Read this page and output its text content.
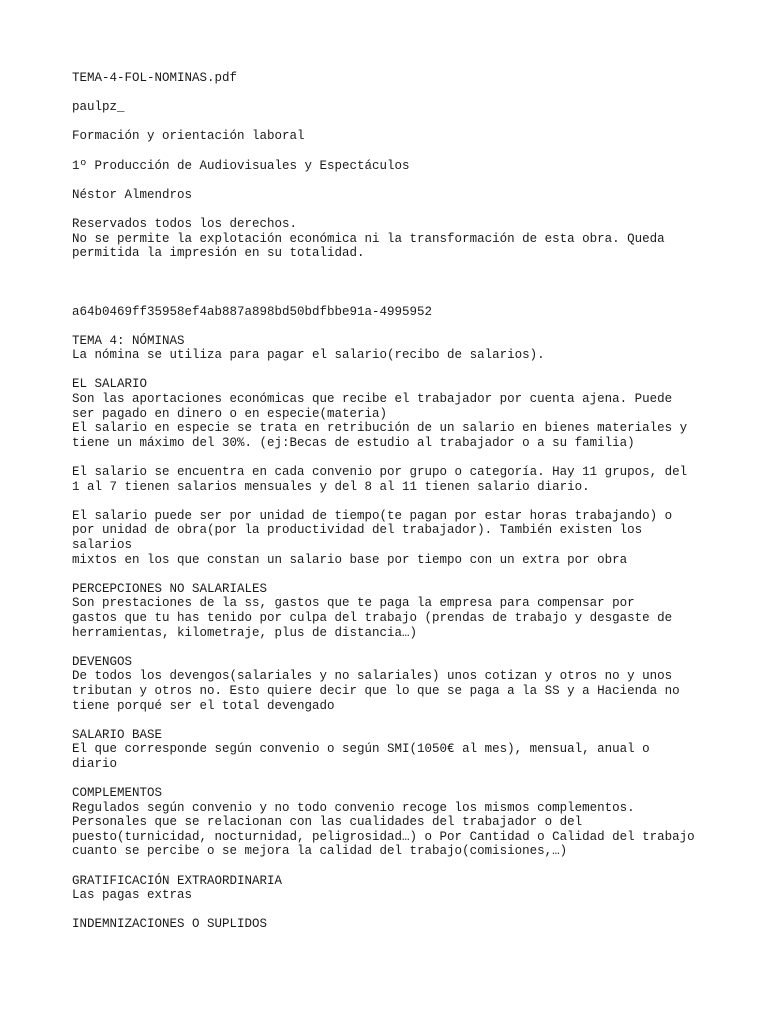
TEMA-4-FOL-NOMINAS.pdf
paulpz_
Formación y orientación laboral
1º Producción de Audiovisuales y Espectáculos
Néstor Almendros
Reservados todos los derechos.
No se permite la explotación económica ni la transformación de esta obra. Queda
permitida la impresión en su totalidad.
a64b0469ff35958ef4ab887a898bd50bdfbbe91a-4995952
TEMA 4: NÓMINAS
La nómina se utiliza para pagar el salario(recibo de salarios).
EL SALARIO
Son las aportaciones económicas que recibe el trabajador por cuenta ajena. Puede
ser pagado en dinero o en especie(materia)
El salario en especie se trata en retribución de un salario en bienes materiales y
tiene un máximo del 30%. (ej:Becas de estudio al trabajador o a su familia)
El salario se encuentra en cada convenio por grupo o categoría. Hay 11 grupos, del
1 al 7 tienen salarios mensuales y del 8 al 11 tienen salario diario.
El salario puede ser por unidad de tiempo(te pagan por estar horas trabajando) o
por unidad de obra(por la productividad del trabajador). También existen los
salarios
mixtos en los que constan un salario base por tiempo con un extra por obra
PERCEPCIONES NO SALARIALES
Son prestaciones de la ss, gastos que te paga la empresa para compensar por
gastos que tu has tenido por culpa del trabajo (prendas de trabajo y desgaste de
herramientas, kilometraje, plus de distancia…)
DEVENGOS
De todos los devengos(salariales y no salariales) unos cotizan y otros no y unos
tributan y otros no. Esto quiere decir que lo que se paga a la SS y a Hacienda no
tiene porqué ser el total devengado
SALARIO BASE
El que corresponde según convenio o según SMI(1050€ al mes), mensual, anual o
diario
COMPLEMENTOS
Regulados según convenio y no todo convenio recoge los mismos complementos.
Personales que se relacionan con las cualidades del trabajador o del
puesto(turnicidad, nocturnidad, peligrosidad…) o Por Cantidad o Calidad del trabajo
cuanto se percibe o se mejora la calidad del trabajo(comisiones,…)
GRATIFICACIÓN EXTRAORDINARIA
Las pagas extras
INDEMNIZACIONES O SUPLIDOS
